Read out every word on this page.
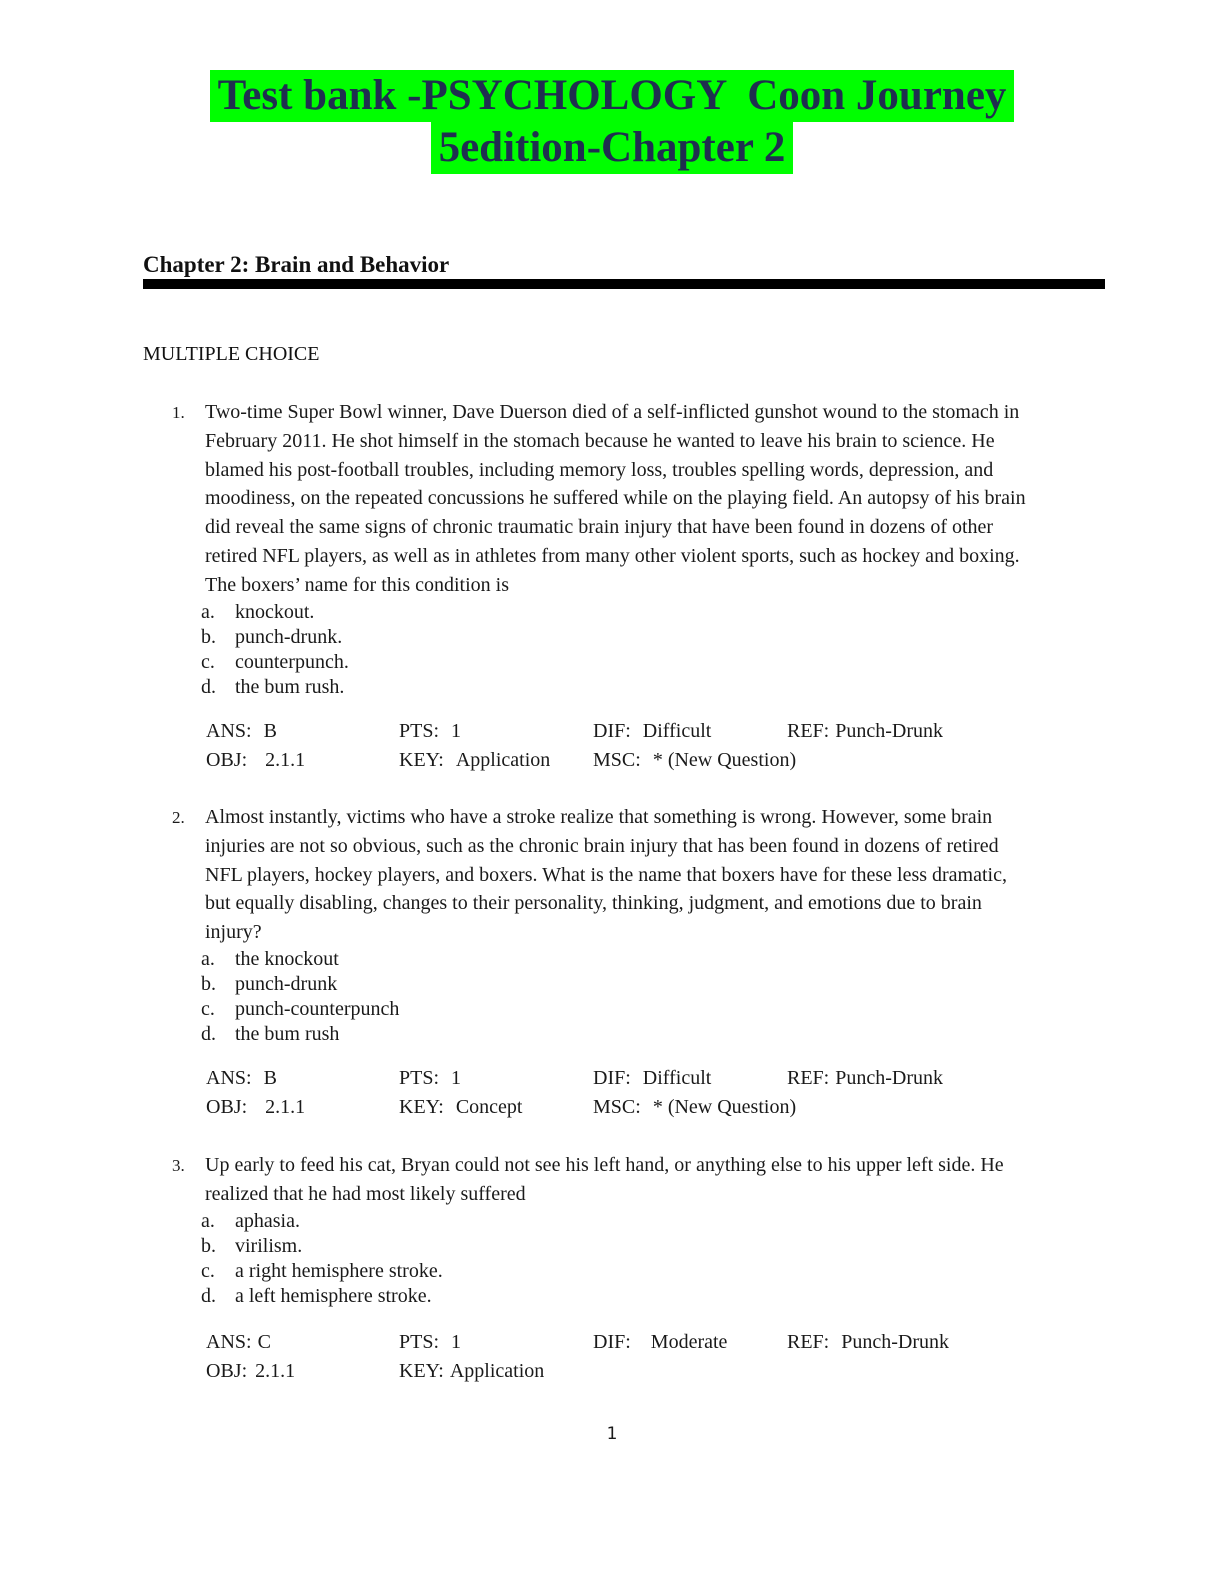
Test bank -PSYCHOLOGY  Coon Journey
5edition-Chapter 2
Chapter 2: Brain and Behavior
MULTIPLE CHOICE
1. Two-time Super Bowl winner, Dave Duerson died of a self-inflicted gunshot wound to the stomach in
February 2011. He shot himself in the stomach because he wanted to leave his brain to science. He
blamed his post-football troubles, including memory loss, troubles spelling words, depression, and
moodiness, on the repeated concussions he suffered while on the playing field. An autopsy of his brain
did reveal the same signs of chronic traumatic brain injury that have been found in dozens of other
retired NFL players, as well as in athletes from many other violent sports, such as hockey and boxing.
The boxers’ name for this condition is
a.	knockout.
b. punch-drunk.
c.	counterpunch.
d. the bum rush.
ANS: B	PTS: 1	DIF: Difficult	REF: Punch-Drunk
OBJ: 2.1.1	KEY: Application MSC: * (New Question)
2. Almost instantly, victims who have a stroke realize that something is wrong. However, some brain
injuries are not so obvious, such as the chronic brain injury that has been found in dozens of retired
NFL players, hockey players, and boxers. What is the name that boxers have for these less dramatic,
but equally disabling, changes to their personality, thinking, judgment, and emotions due to brain
injury?
a.	the knockout
b. punch-drunk
c.	punch-counterpunch
d. the bum rush
ANS: B	PTS: 1	DIF: Difficult	REF: Punch-Drunk
OBJ: 2.1.1	KEY: Concept	MSC: * (New Question)
3. Up early to feed his cat, Bryan could not see his left hand, or anything else to his upper left side. He
realized that he had most likely suffered
a.	aphasia.
b. virilism.
c.	a right hemisphere stroke.
d. a left hemisphere stroke.
ANS: C	PTS: 1	DIF: Moderate	REF: Punch-Drunk
OBJ: 2.1.1	KEY: Application
1
